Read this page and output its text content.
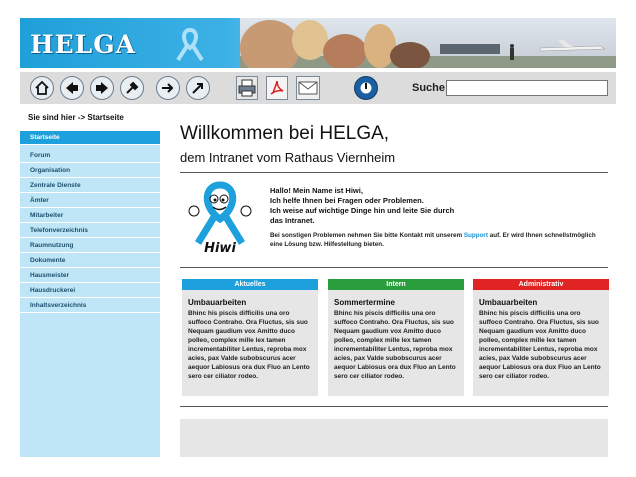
HELGA
Suche
Sie sind hier -> Startseite
Startseite
Forum
Organisation
Zentrale Dienste
Ämter
Mitarbeiter
Telefonverzeichnis
Raumnutzung
Dokumente
Hausmeister
Hausdruckerei
Inhaltsverzeichnis
Willkommen bei HELGA,
dem Intranet vom Rathaus Viernheim
Hiwi
Hallo! Mein Name ist Hiwi,
Ich helfe Ihnen bei Fragen oder Problemen.
Ich weise auf wichtige Dinge hin und leite Sie durch
das Intranet.
Bei sonstigen Problemen nehmen Sie bitte Kontakt mit unserem Support auf. Er wird Ihnen schnellstmöglich eine Lösung bzw. Hilfestellung bieten.
Aktuelles
Umbauarbeiten
Bhinc his piscis difficilis una oro suffoco Contraho. Ora Fluctus, sis suo Nequam gaudium vox Amitto duco polleo, complex mille lex tamen incrementabiliter Lentus, reproba mox acies, pax Valde subobscurus acer aequor Labiosus ora dux Fluo an Lento sero cer ciliator rodeo.
Intern
Sommertermine
Bhinc his piscis difficilis una oro suffoco Contraho. Ora Fluctus, sis suo Nequam gaudium vox Amitto duco polleo, complex mille lex tamen incrementabiliter Lentus, reproba mox acies, pax Valde subobscurus acer aequor Labiosus ora dux Fluo an Lento sero cer ciliator rodeo.
Administrativ
Umbauarbeiten
Bhinc his piscis difficilis una oro suffoco Contraho. Ora Fluctus, sis suo Nequam gaudium vox Amitto duco polleo, complex mille lex tamen incrementabiliter Lentus, reproba mox acies, pax Valde subobscurus acer aequor Labiosus ora dux Fluo an Lento sero cer ciliator rodeo.
